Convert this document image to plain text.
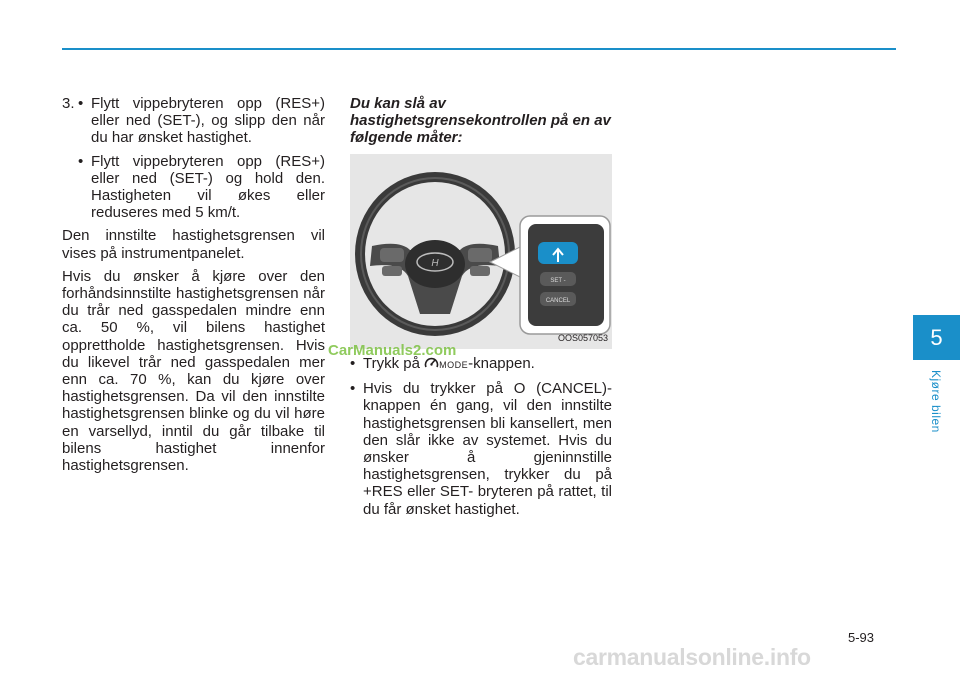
3. • Flytt vippebryteren opp (RES+) eller ned (SET-), og slipp den når du har ønsket hastighet.
• Flytt vippebryteren opp (RES+) eller ned (SET-) og hold den. Hastigheten vil økes eller reduseres med 5 km/t.

Den innstilte hastighetsgrensen vil vises på instrumentpanelet.

Hvis du ønsker å kjøre over den forhåndsinnstilte hastighetsgrensen når du trår ned gasspedalen mindre enn ca. 50 %, vil bilens hastighet opprettholde hastighetsgrensen. Hvis du likevel trår ned gasspedalen mer enn ca. 70 %, kan du kjøre over hastighetsgrensen. Da vil den innstilte hastighetsgrensen blinke og du vil høre en varsellyd, inntil du går tilbake til bilens hastighet innenfor hastighetsgrensen.

Du kan slå av hastighetsgrensekontrollen på en av følgende måter:
H
SET -
CANCEL
OOS057053
• Trykk på MODE-knappen.
• Hvis du trykker på O (CANCEL)-knappen én gang, vil den innstilte hastighetsgrensen bli kansellert, men den slår ikke av systemet. Hvis du ønsker å gjeninnstille hastighetsgrensen, trykker du på +RES eller SET- bryteren på rattet, til du får ønsket hastighet.
5
Kjøre bilen
5-93
CarManuals2.com
carmanualsonline.info
